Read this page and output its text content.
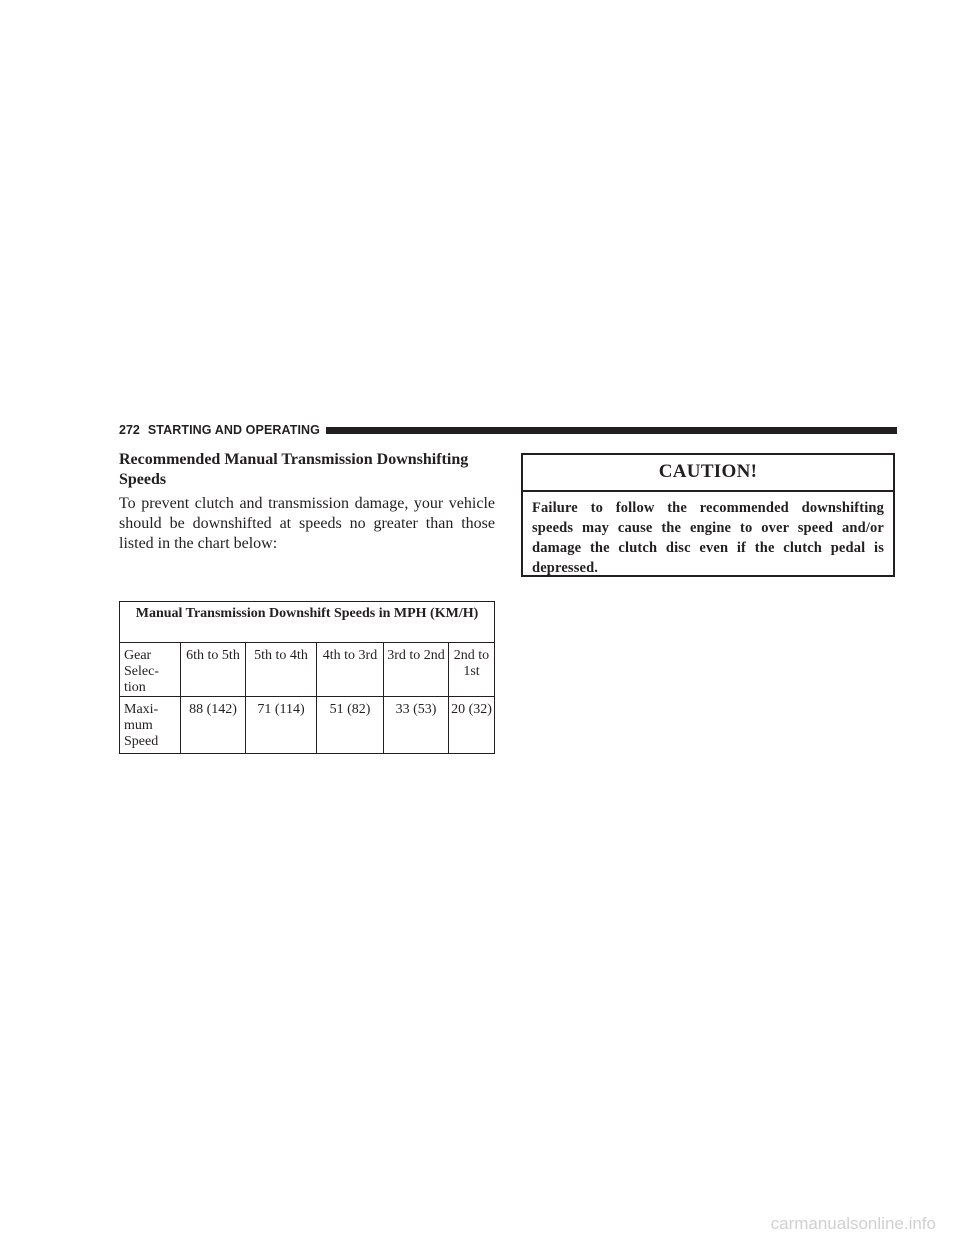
272 STARTING AND OPERATING

Recommended Manual Transmission Downshifting Speeds

To prevent clutch and transmission damage, your vehicle should be downshifted at speeds no greater than those listed in the chart below:

Manual Transmission Downshift Speeds in MPH (KM/H)					
Gear Selec- tion	6th to 5th	5th to 4th	4th to 3rd	3rd to 2nd	2nd to 1st
Maxi- mum Speed	88 (142)	71 (114)	51 (82)	33 (53)	20 (32)
CAUTION!

Failure to follow the recommended downshifting speeds may cause the engine to over speed and/or damage the clutch disc even if the clutch pedal is depressed.

carmanualsonline.info
